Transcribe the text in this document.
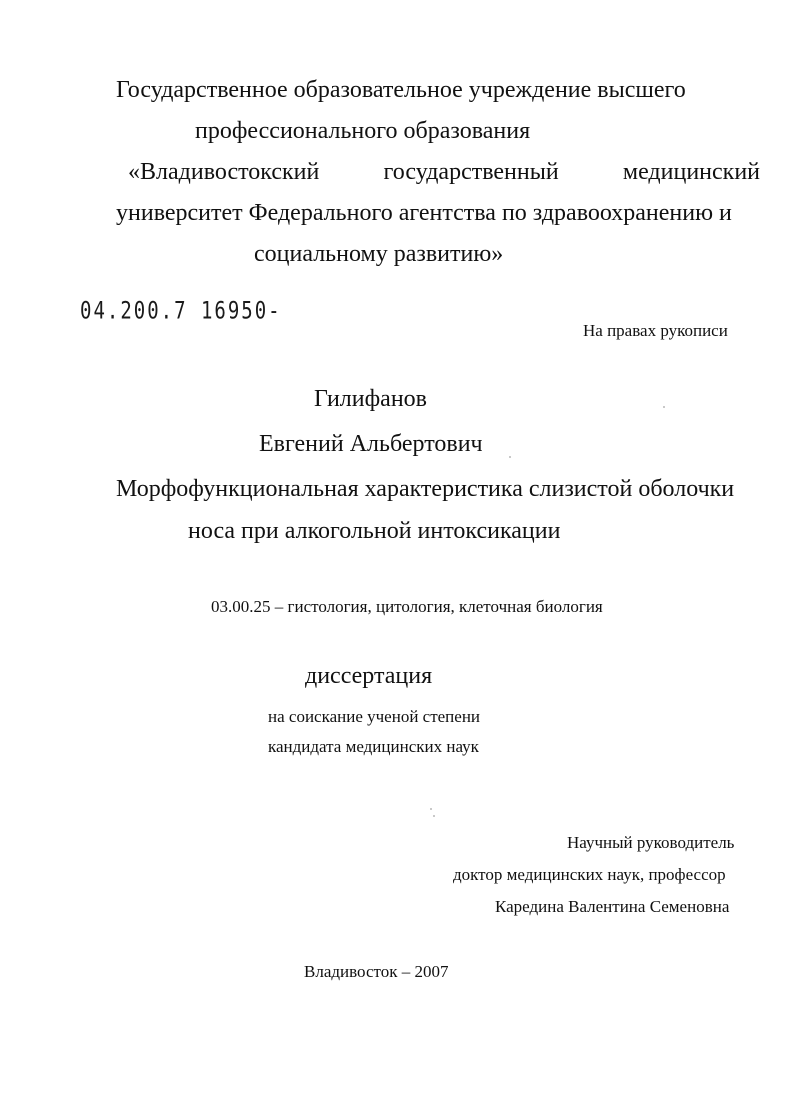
Государственное образовательное учреждение высшего
профессионального образования
«Владивостокский	государственный	медицинский
университет Федерального агентства по здравоохранению и
социальному развитию»
04.200.7 16950-
На правах рукописи
Гилифанов
Евгений Альбертович
Морфофункциональная характеристика слизистой оболочки
носа при алкогольной интоксикации
03.00.25 – гистология, цитология, клеточная биология
диссертация
на соискание ученой степени
кандидата медицинских наук
Научный руководитель
доктор медицинских наук, профессор
Каредина Валентина Семеновна
Владивосток – 2007
